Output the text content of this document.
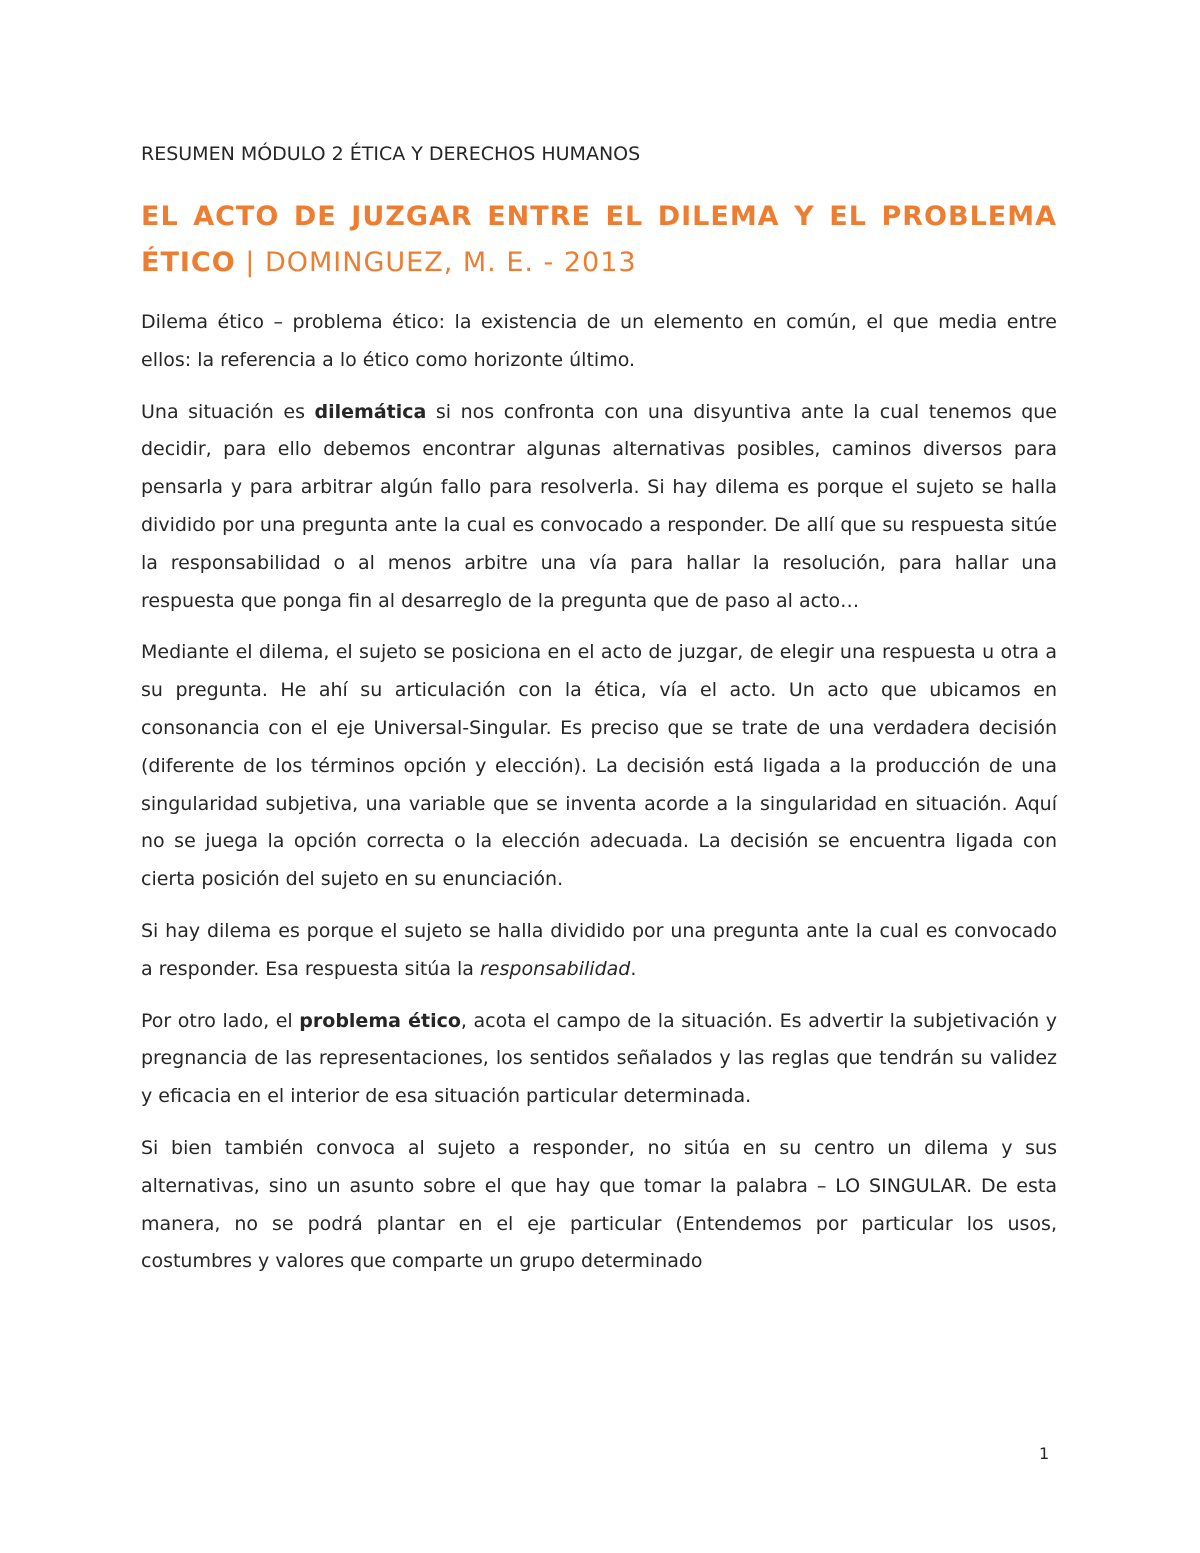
RESUMEN MÓDULO 2 ÉTICA Y DERECHOS HUMANOS
EL ACTO DE JUZGAR ENTRE EL DILEMA Y EL PROBLEMA ÉTICO | DOMINGUEZ, M. E. - 2013

Dilema ético – problema ético: la existencia de un elemento en común, el que media entre ellos: la referencia a lo ético como horizonte último.

Una situación es dilemática si nos confronta con una disyuntiva ante la cual tenemos que decidir, para ello debemos encontrar algunas alternativas posibles, caminos diversos para pensarla y para arbitrar algún fallo para resolverla. Si hay dilema es porque el sujeto se halla dividido por una pregunta ante la cual es convocado a responder. De allí que su respuesta sitúe la responsabilidad o al menos arbitre una vía para hallar la resolución, para hallar una respuesta que ponga fin al desarreglo de la pregunta que de paso al acto…

Mediante el dilema, el sujeto se posiciona en el acto de juzgar, de elegir una respuesta u otra a su pregunta. He ahí su articulación con la ética, vía el acto. Un acto que ubicamos en consonancia con el eje Universal-Singular. Es preciso que se trate de una verdadera decisión (diferente de los términos opción y elección). La decisión está ligada a la producción de una singularidad subjetiva, una variable que se inventa acorde a la singularidad en situación. Aquí no se juega la opción correcta o la elección adecuada. La decisión se encuentra ligada con cierta posición del sujeto en su enunciación.

Si hay dilema es porque el sujeto se halla dividido por una pregunta ante la cual es convocado a responder. Esa respuesta sitúa la responsabilidad.

Por otro lado, el problema ético, acota el campo de la situación. Es advertir la subjetivación y pregnancia de las representaciones, los sentidos señalados y las reglas que tendrán su validez y eficacia en el interior de esa situación particular determinada.

Si bien también convoca al sujeto a responder, no sitúa en su centro un dilema y sus alternativas, sino un asunto sobre el que hay que tomar la palabra – LO SINGULAR. De esta manera, no se podrá plantar en el eje particular (Entendemos por particular los usos, costumbres y valores que comparte un grupo determinado

1
